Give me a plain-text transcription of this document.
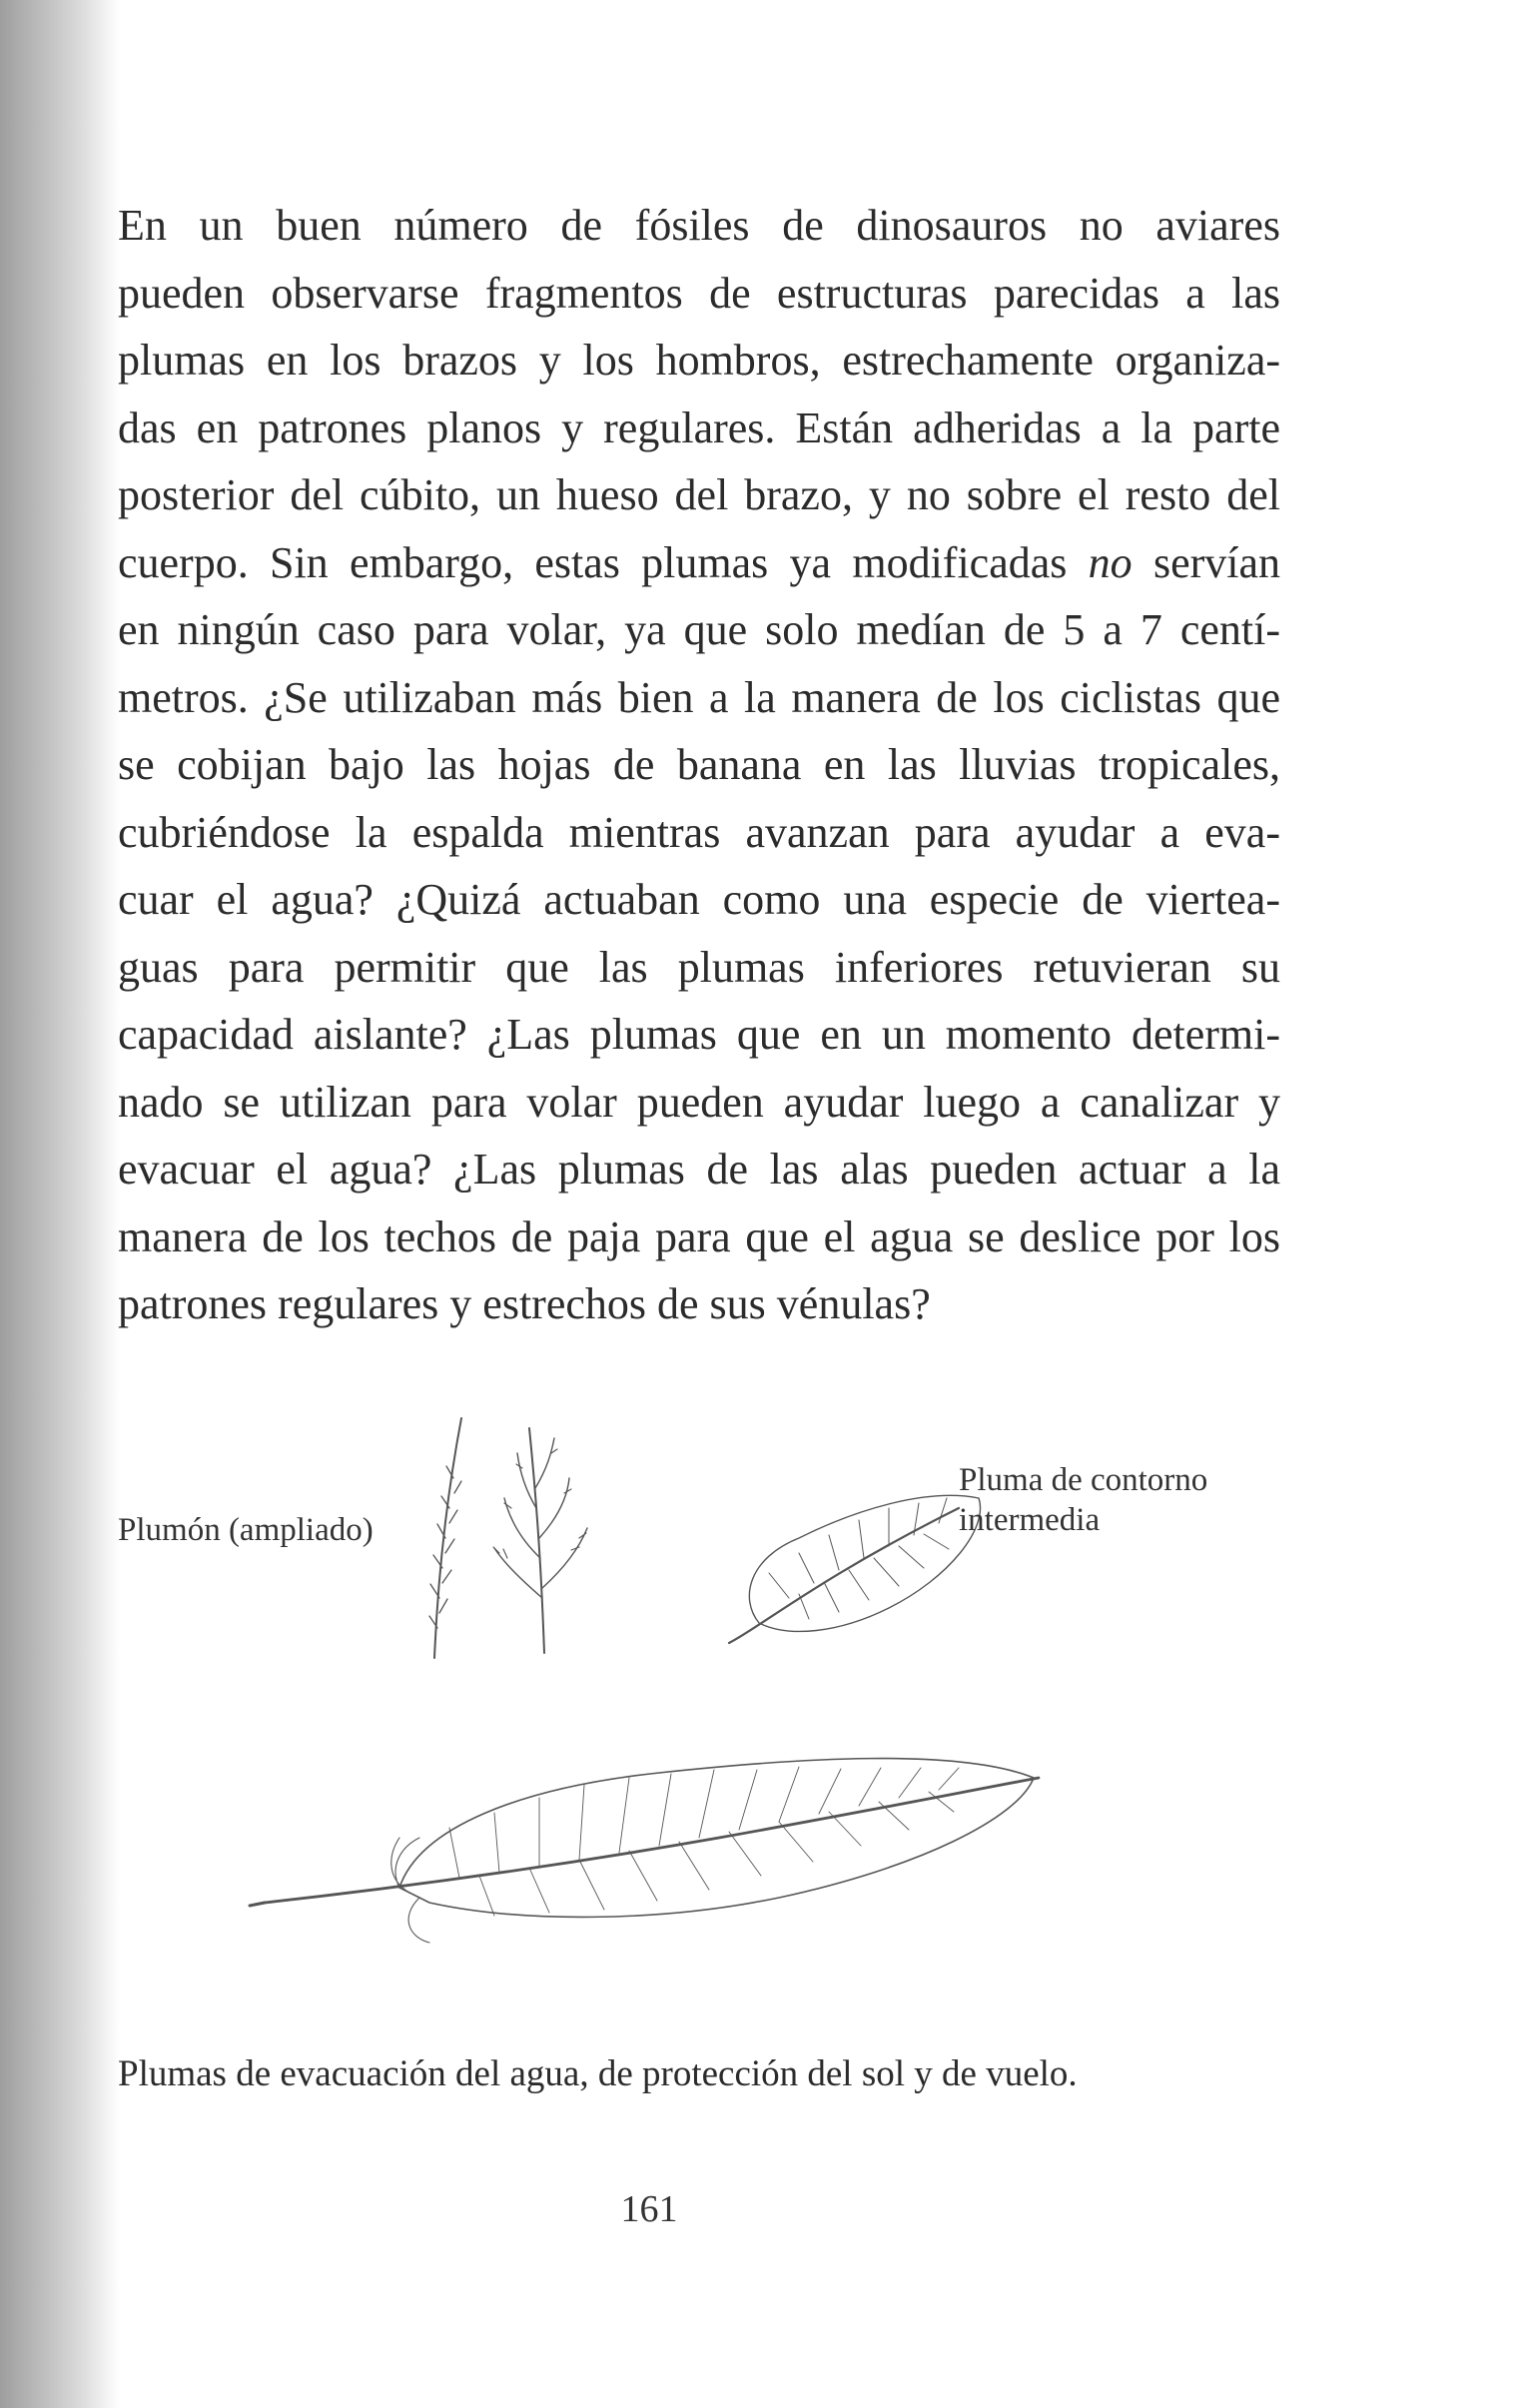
En un buen número de fósiles de dinosauros no aviares
pueden observarse fragmentos de estructuras parecidas a las
plumas en los brazos y los hombros, estrechamente organiza-
das en patrones planos y regulares. Están adheridas a la parte
posterior del cúbito, un hueso del brazo, y no sobre el resto del
cuerpo. Sin embargo, estas plumas ya modificadas no servían
en ningún caso para volar, ya que solo medían de 5 a 7 centí-
metros. ¿Se utilizaban más bien a la manera de los ciclistas que
se cobijan bajo las hojas de banana en las lluvias tropicales,
cubriéndose la espalda mientras avanzan para ayudar a eva-
cuar el agua? ¿Quizá actuaban como una especie de viertea-
guas para permitir que las plumas inferiores retuvieran su
capacidad aislante? ¿Las plumas que en un momento determi-
nado se utilizan para volar pueden ayudar luego a canalizar y
evacuar el agua? ¿Las plumas de las alas pueden actuar a la
manera de los techos de paja para que el agua se deslice por los
patrones regulares y estrechos de sus vénulas?
Plumón (ampliado)
Pluma de contorno
intermedia
Plumas de evacuación del agua, de protección del sol y de vuelo.
161
